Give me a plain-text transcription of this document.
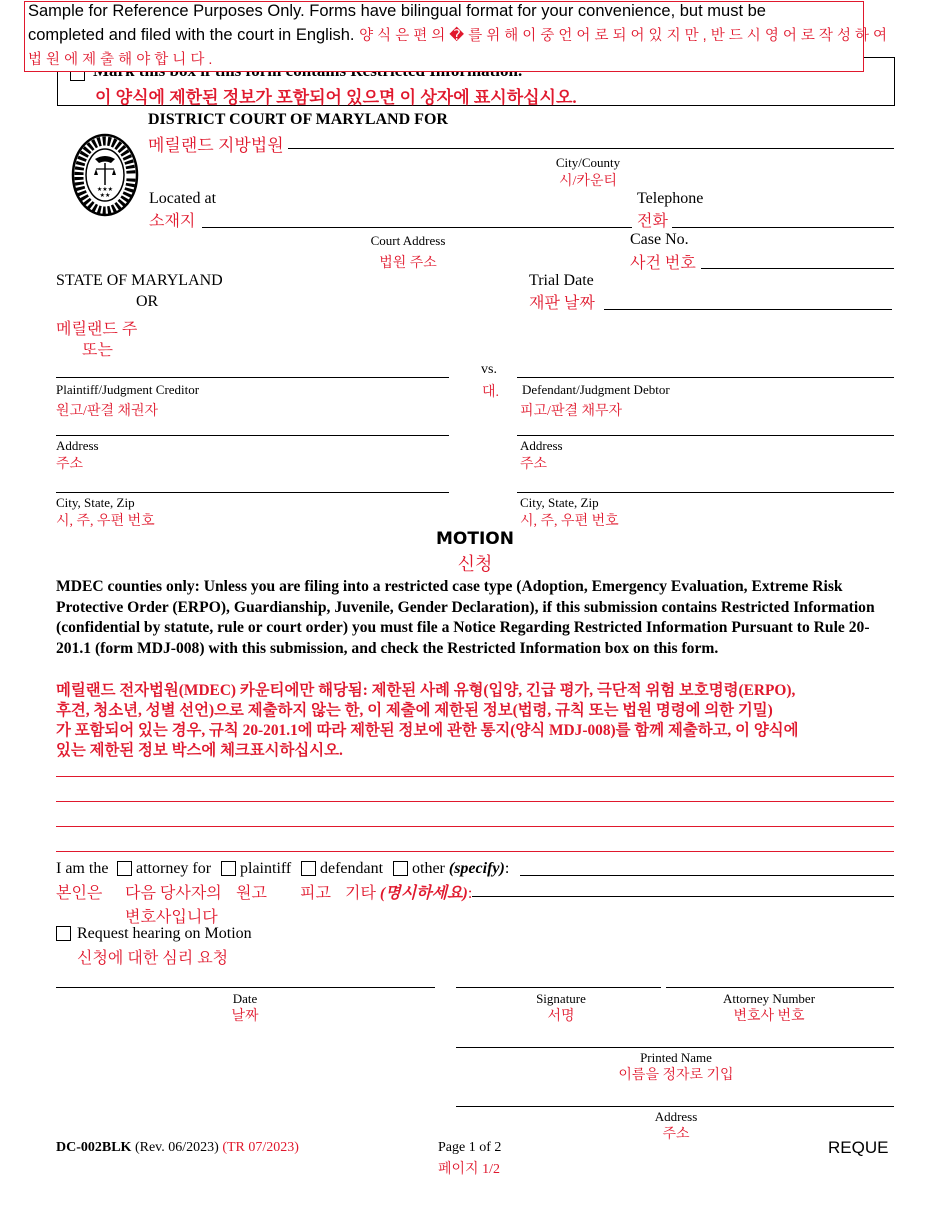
이 양식에 제한된 정보가 포함되어 있으면 이 상자에 표시하십시오.
Sample for Reference Purposes Only. Forms have bilingual format for your convenience, but must be
completed and filed with the court in English. 양 식 은 편 의 � 를 위 해 이 중 언 어 로 되 어 있 지 만 , 반 드 시 영 어 로 작 성 하 여
법 원 에 제 출 해 야 합 니 다 .
★★★
★★
DISTRICT COURT OF MARYLAND FOR
메릴랜드 지방법원
City/County
시/카운티
Located at
소재지
Telephone
전화
Court Address
법원 주소
Case No.
사건 번호
STATE OF MARYLAND
OR
메릴랜드 주
또는
Trial Date
재판 날짜
vs.
대.
Plaintiff/Judgment Creditor
원고/판결 채권자
Defendant/Judgment Debtor
피고/판결 채무자
Address
주소
Address
주소
City, State, Zip
시, 주, 우편 번호
City, State, Zip
시, 주, 우편 번호
MOTION
신청
MDEC counties only: Unless you are filing into a restricted case type (Adoption, Emergency Evaluation, Extreme Risk Protective Order (ERPO), Guardianship, Juvenile, Gender Declaration), if this submission contains Restricted Information (confidential by statute, rule or court order) you must file a Notice Regarding Restricted Information Pursuant to Rule 20-201.1 (form MDJ-008) with this submission, and check the Restricted Information box on this form.
메릴랜드 전자법원(MDEC) 카운티에만 해당됨: 제한된 사례 유형(입양, 긴급 평가, 극단적 위험 보호명령(ERPO),
후견, 청소년, 성별 선언)으로 제출하지 않는 한, 이 제출에 제한된 정보(법령, 규칙 또는 법원 명령에 의한 기밀)
가 포함되어 있는 경우, 규칙 20-201.1에 따라 제한된 정보에 관한 통지(양식 MDJ-008)를 함께 제출하고, 이 양식에
있는 제한된 정보 박스에 체크표시하십시오.
I am the attorney for plaintiff defendant other (specify):
본인은 다음 당사자의 원고 피고 기타 (명시하세요):
변호사입니다
Request hearing on Motion
신청에 대한 심리 요청
Date
날짜
Signature
서명
Attorney Number
변호사 번호
Printed Name
이름을 정자로 기입
Address
주소
DC-002BLK (Rev. 06/2023) (TR 07/2023)	Page 1 of 2
페이지 1/2
REQUE
